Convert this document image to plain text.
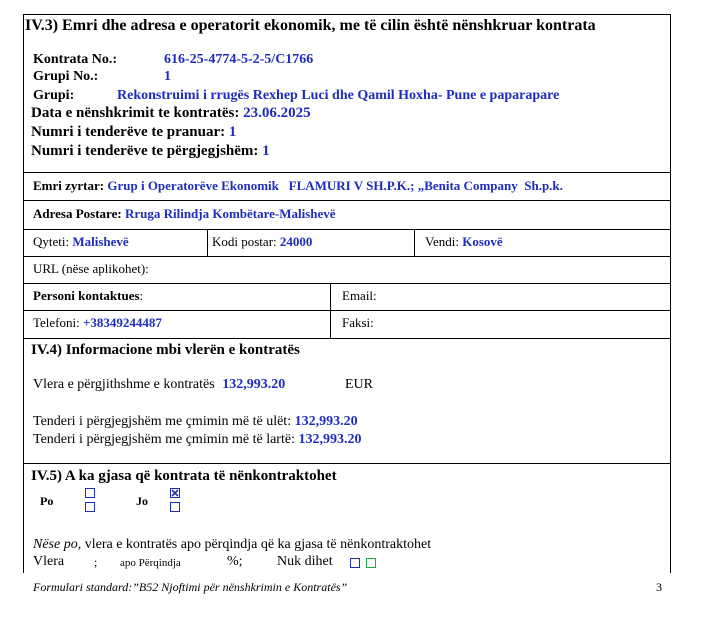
IV.3) Emri dhe adresa e operatorit ekonomik, me të cilin është nënshkruar kontrata
Kontrata No.:	616-25-4774-5-2-5/C1766
Grupi No.:	1
Grupi:	Rekonstruimi i rrugës Rexhep Luci dhe Qamil Hoxha- Pune e paparapare
Data e nënshkrimit te kontratës: 23.06.2025
Numri i tenderëve te pranuar: 1
Numri i tenderëve te përgjegjshëm: 1
Emri zyrtar: Grup i Operatorëve Ekonomik   FLAMURI V SH.P.K.; „Benita Company  Sh.p.k.
Adresa Postare: Rruga Rilindja Kombëtare-Malishevë
Qyteti: Malishevë	Kodi postar: 24000	Vendi: Kosovë
URL (nëse aplikohet):
Personi kontaktues:	Email:
Telefoni: +38349244487	Faksi:
IV.4) Informacione mbi vlerën e kontratës
Vlera e përgjithshme e kontratës 132,993.20	EUR
Tenderi i përgjegjshëm me çmimin më të ulët: 132,993.20
Tenderi i përgjegjshëm me çmimin më të lartë: 132,993.20
IV.5) A ka gjasa që kontrata të nënkontraktohet
Po	Jo
Nëse po, vlera e kontratës apo përqindja që ka gjasa të nënkontraktohet
Vlera ; apo Përqindja	%; Nuk dihet
Formulari standard:”B52 Njoftimi për nënshkrimin e Kontratës”	3
